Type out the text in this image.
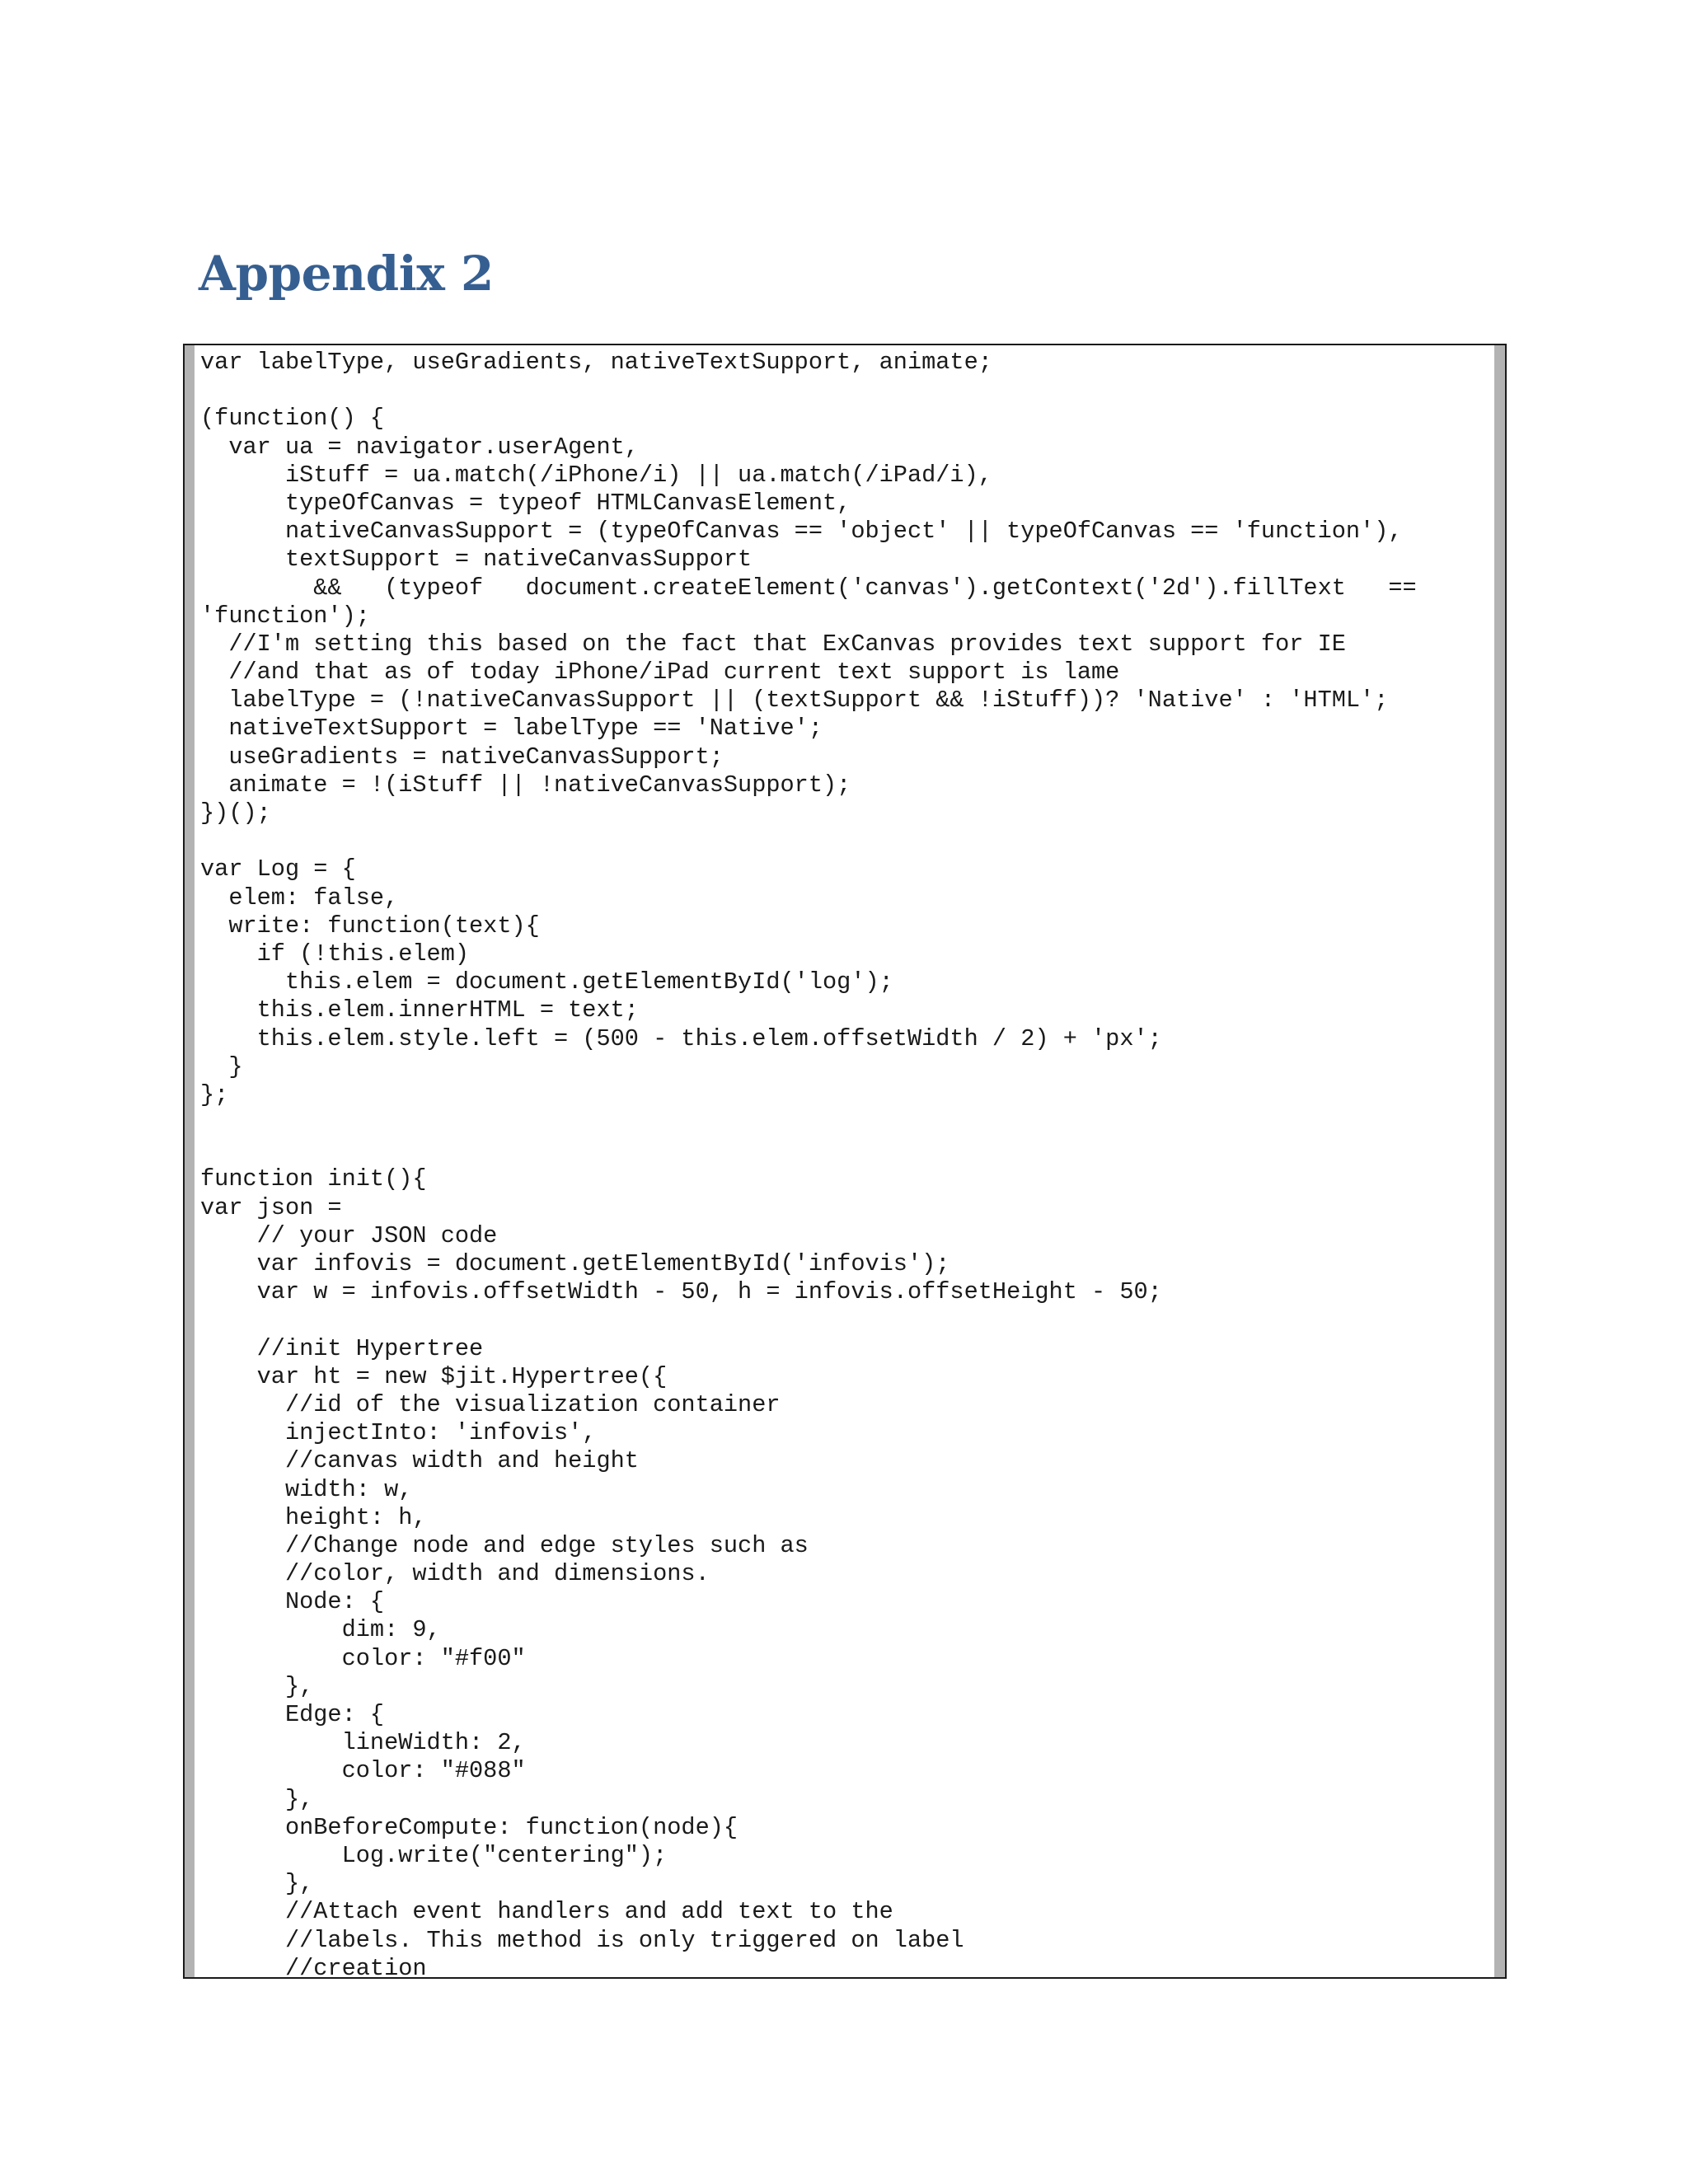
Appendix 2
var labelType, useGradients, nativeTextSupport, animate;
(function() {
var ua = navigator.userAgent,
iStuff = ua.match(/iPhone/i) || ua.match(/iPad/i),
typeOfCanvas = typeof HTMLCanvasElement,
nativeCanvasSupport = (typeOfCanvas == 'object' || typeOfCanvas == 'function'),
textSupport = nativeCanvasSupport
&&   (typeof   document.createElement('canvas').getContext('2d').fillText   ==
'function');
//I'm setting this based on the fact that ExCanvas provides text support for IE
//and that as of today iPhone/iPad current text support is lame
labelType = (!nativeCanvasSupport || (textSupport && !iStuff))? 'Native' : 'HTML';
nativeTextSupport = labelType == 'Native';
useGradients = nativeCanvasSupport;
animate = !(iStuff || !nativeCanvasSupport);
})();
var Log = {
elem: false,
write: function(text){
if (!this.elem)
this.elem = document.getElementById('log');
this.elem.innerHTML = text;
this.elem.style.left = (500 - this.elem.offsetWidth / 2) + 'px';
}
};
function init(){
var json =
// your JSON code
var infovis = document.getElementById('infovis');
var w = infovis.offsetWidth - 50, h = infovis.offsetHeight - 50;
//init Hypertree
var ht = new $jit.Hypertree({
//id of the visualization container
injectInto: 'infovis',
//canvas width and height
width: w,
height: h,
//Change node and edge styles such as
//color, width and dimensions.
Node: {
dim: 9,
color: "#f00"
},
Edge: {
lineWidth: 2,
color: "#088"
},
onBeforeCompute: function(node){
Log.write("centering");
},
//Attach event handlers and add text to the
//labels. This method is only triggered on label
//creation
